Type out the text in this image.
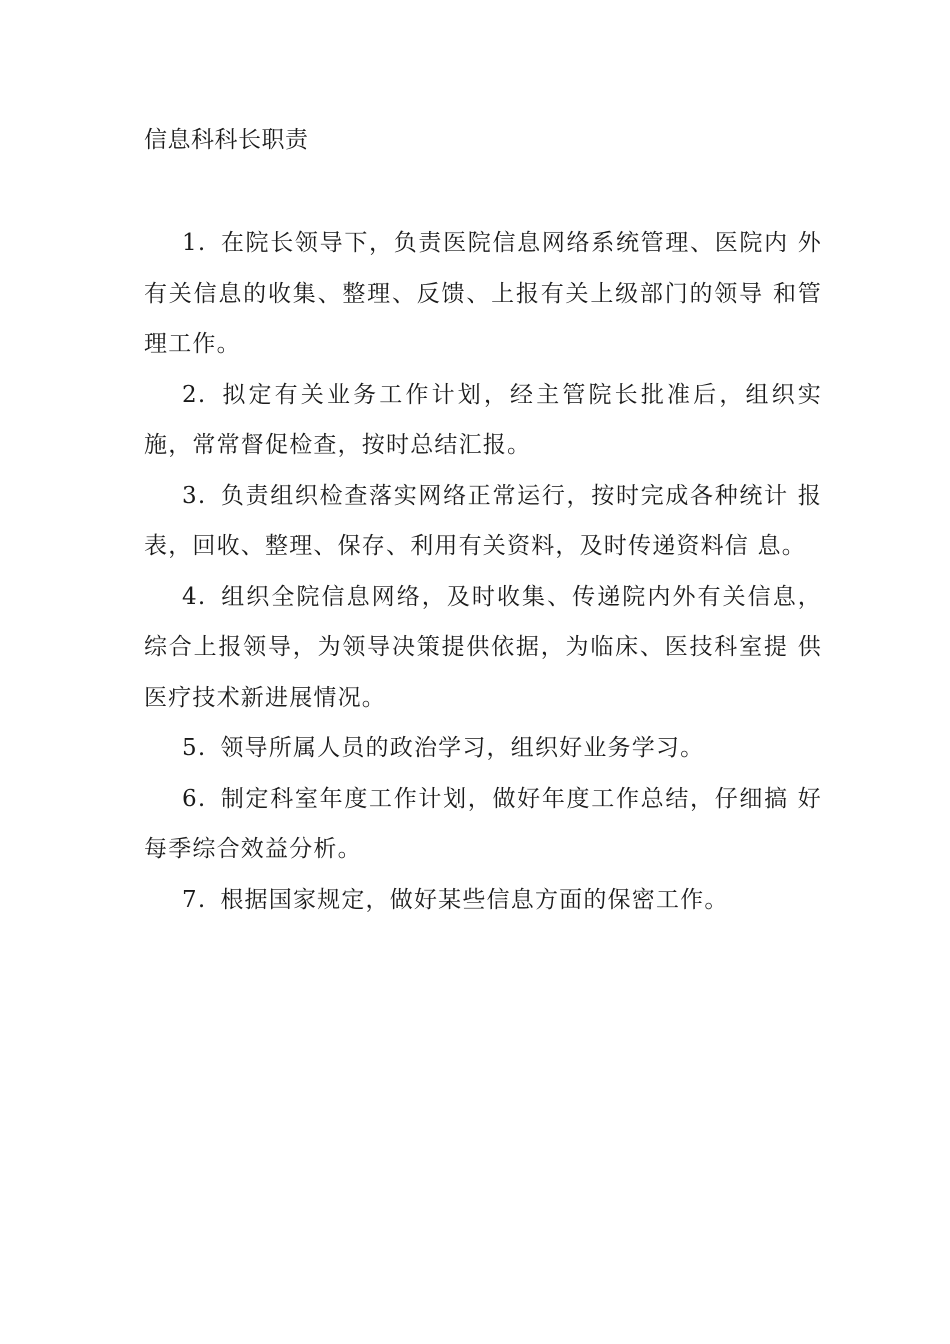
信息科科长职责
1. 在院长领导下，负责医院信息网络系统管理、医院内 外有关信息的收集、整理、反馈、上报有关上级部门的领导 和管理工作。
2. 拟定有关业务工作计划，经主管院长批准后，组织实施，常常督促检查，按时总结汇报。
3. 负责组织检查落实网络正常运行，按时完成各种统计 报表，回收、整理、保存、利用有关资料，及时传递资料信 息。
4. 组织全院信息网络，及时收集、传递院内外有关信息，综合上报领导，为领导决策提供依据，为临床、医技科室提 供医疗技术新进展情况。
5. 领导所属人员的政治学习，组织好业务学习。
6. 制定科室年度工作计划，做好年度工作总结，仔细搞 好每季综合效益分析。
7. 根据国家规定，做好某些信息方面的保密工作。
